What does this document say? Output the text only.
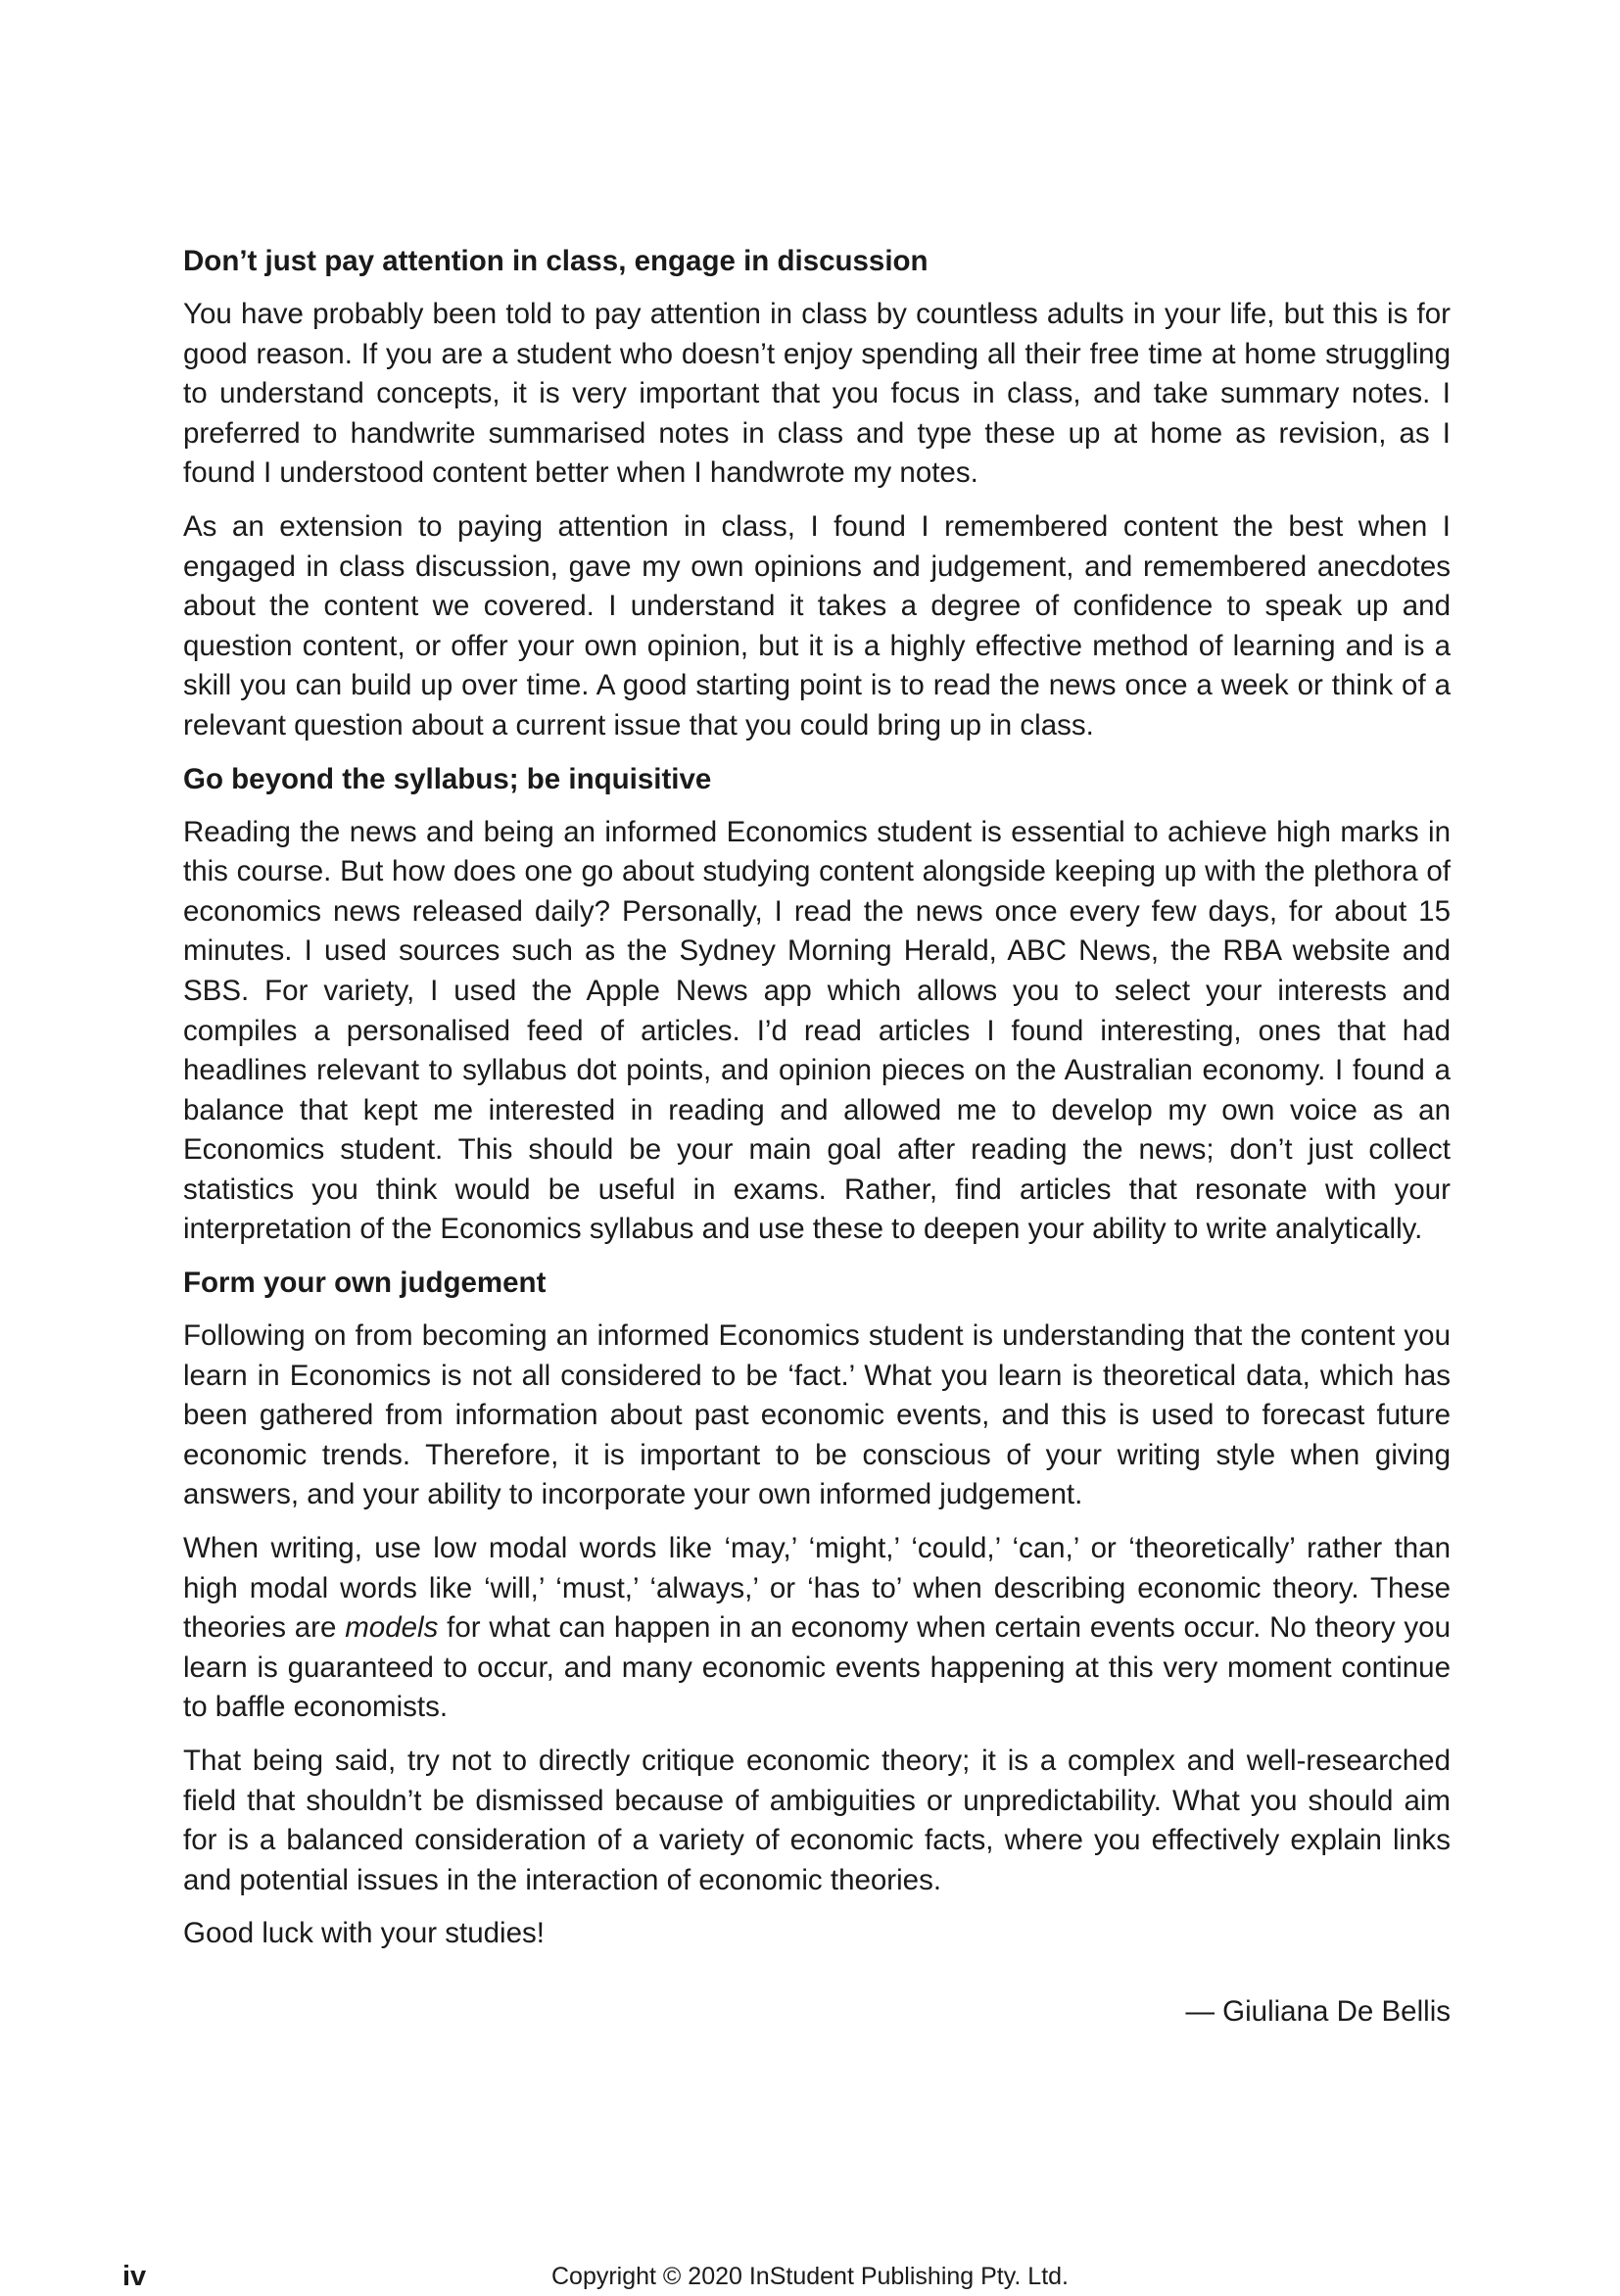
Don’t just pay attention in class, engage in discussion

You have probably been told to pay attention in class by countless adults in your life, but this is for good reason. If you are a student who doesn’t enjoy spending all their free time at home struggling to understand concepts, it is very important that you focus in class, and take summary notes. I preferred to handwrite summarised notes in class and type these up at home as revision, as I found I understood content better when I handwrote my notes.

As an extension to paying attention in class, I found I remembered content the best when I engaged in class discussion, gave my own opinions and judgement, and remembered anecdotes about the content we covered. I understand it takes a degree of confidence to speak up and question content, or offer your own opinion, but it is a highly effective method of learning and is a skill you can build up over time. A good starting point is to read the news once a week or think of a relevant question about a current issue that you could bring up in class.

Go beyond the syllabus; be inquisitive

Reading the news and being an informed Economics student is essential to achieve high marks in this course. But how does one go about studying content alongside keeping up with the plethora of economics news released daily? Personally, I read the news once every few days, for about 15 minutes. I used sources such as the Sydney Morning Herald, ABC News, the RBA website and SBS. For variety, I used the Apple News app which allows you to select your interests and compiles a personalised feed of articles. I’d read articles I found interesting, ones that had headlines relevant to syllabus dot points, and opinion pieces on the Australian economy. I found a balance that kept me interested in reading and allowed me to develop my own voice as an Economics student. This should be your main goal after reading the news; don’t just collect statistics you think would be useful in exams. Rather, find articles that resonate with your interpretation of the Economics syllabus and use these to deepen your ability to write analytically.

Form your own judgement

Following on from becoming an informed Economics student is understanding that the content you learn in Economics is not all considered to be ‘fact.’ What you learn is theoretical data, which has been gathered from information about past economic events, and this is used to forecast future economic trends. Therefore, it is important to be conscious of your writing style when giving answers, and your ability to incorporate your own informed judgement.

When writing, use low modal words like ‘may,’ ‘might,’ ‘could,’ ‘can,’ or ‘theoretically’ rather than high modal words like ‘will,’ ‘must,’ ‘always,’ or ‘has to’ when describing economic theory. These theories are models for what can happen in an economy when certain events occur. No theory you learn is guaranteed to occur, and many economic events happening at this very moment continue to baffle economists.

That being said, try not to directly critique economic theory; it is a complex and well-researched field that shouldn’t be dismissed because of ambiguities or unpredictability. What you should aim for is a balanced consideration of a variety of economic facts, where you effectively explain links and potential issues in the interaction of economic theories.

Good luck with your studies!

— Giuliana De Bellis

iv	Copyright © 2020 InStudent Publishing Pty. Ltd.
